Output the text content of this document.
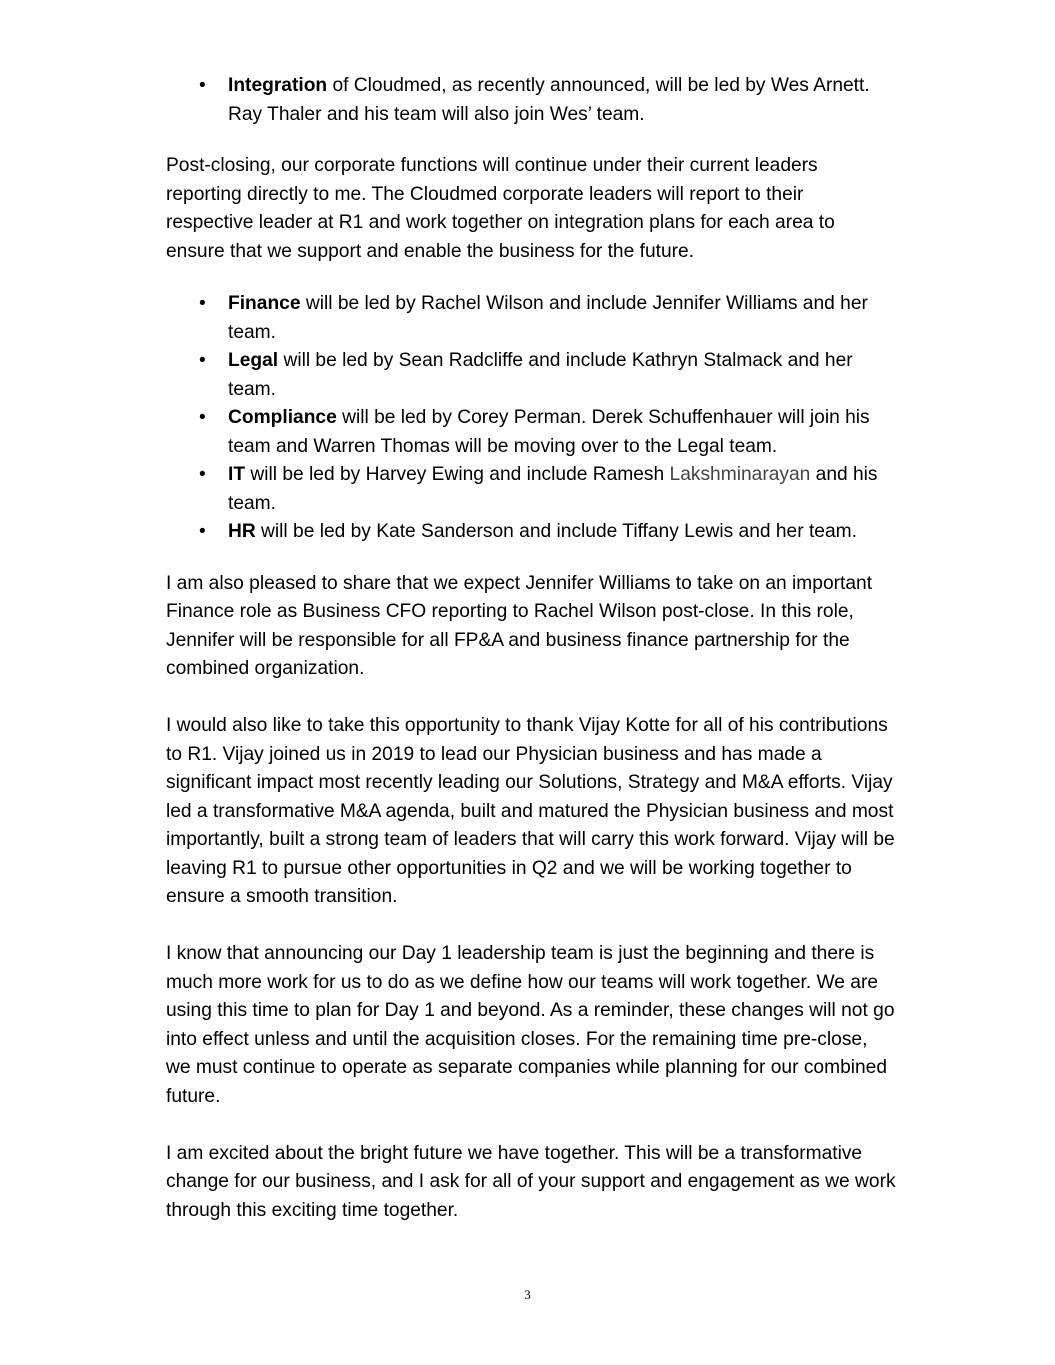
• Integration of Cloudmed, as recently announced, will be led by Wes Arnett. Ray Thaler and his team will also join Wes’ team.

Post-closing, our corporate functions will continue under their current leaders reporting directly to me. The Cloudmed corporate leaders will report to their respective leader at R1 and work together on integration plans for each area to ensure that we support and enable the business for the future.

• Finance will be led by Rachel Wilson and include Jennifer Williams and her team.
• Legal will be led by Sean Radcliffe and include Kathryn Stalmack and her team.
• Compliance will be led by Corey Perman. Derek Schuffenhauer will join his team and Warren Thomas will be moving over to the Legal team.
• IT will be led by Harvey Ewing and include Ramesh Lakshminarayan and his team.
• HR will be led by Kate Sanderson and include Tiffany Lewis and her team.

I am also pleased to share that we expect Jennifer Williams to take on an important Finance role as Business CFO reporting to Rachel Wilson post-close. In this role, Jennifer will be responsible for all FP&A and business finance partnership for the combined organization.

I would also like to take this opportunity to thank Vijay Kotte for all of his contributions to R1. Vijay joined us in 2019 to lead our Physician business and has made a significant impact most recently leading our Solutions, Strategy and M&A efforts. Vijay led a transformative M&A agenda, built and matured the Physician business and most importantly, built a strong team of leaders that will carry this work forward. Vijay will be leaving R1 to pursue other opportunities in Q2 and we will be working together to ensure a smooth transition.

I know that announcing our Day 1 leadership team is just the beginning and there is much more work for us to do as we define how our teams will work together. We are using this time to plan for Day 1 and beyond. As a reminder, these changes will not go into effect unless and until the acquisition closes. For the remaining time pre-close, we must continue to operate as separate companies while planning for our combined future.

I am excited about the bright future we have together. This will be a transformative change for our business, and I ask for all of your support and engagement as we work through this exciting time together.

3
